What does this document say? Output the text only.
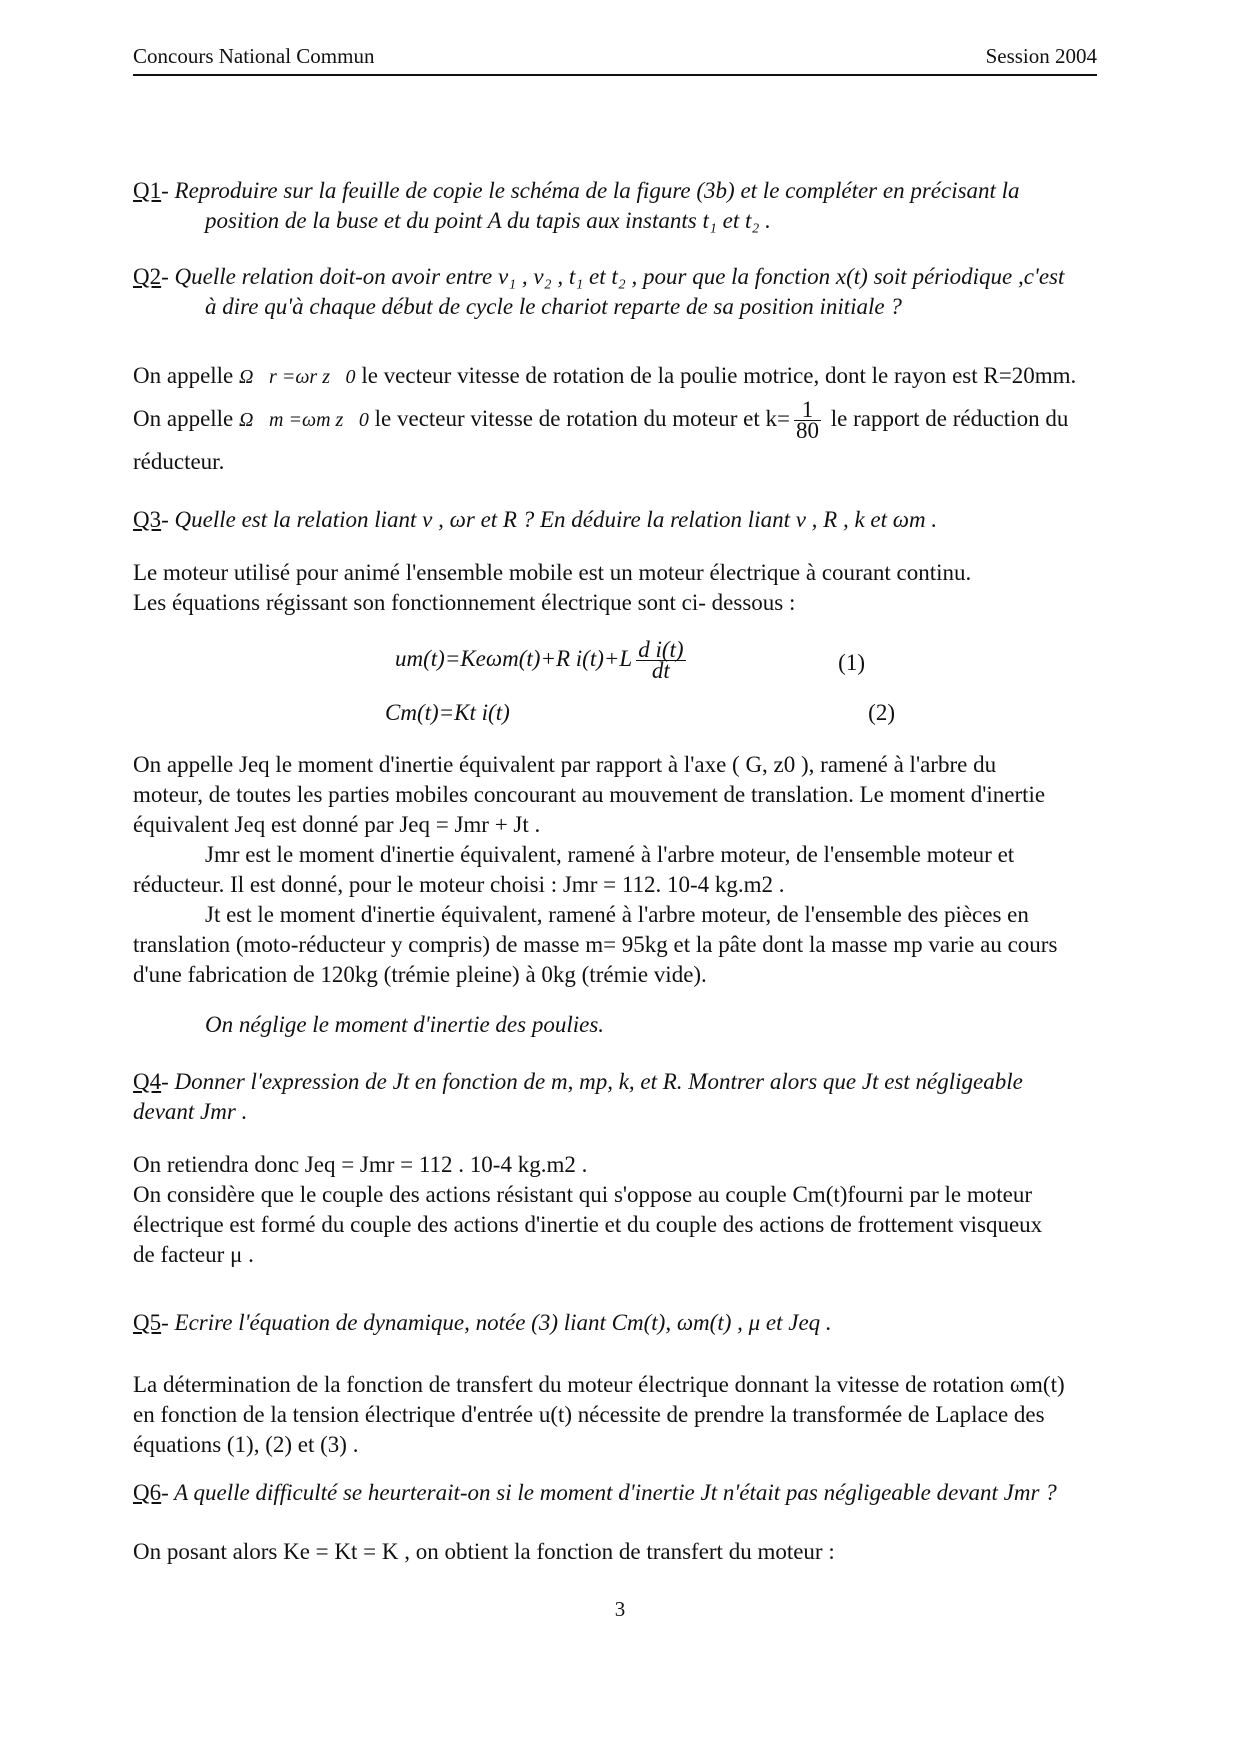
Concours National Commun	Session 2004
Q1- Reproduire sur la feuille de copie le schéma de la figure (3b) et le compléter en précisant la
position de la buse et du point A du tapis aux instants t₁ et t₂ .
Q2- Quelle relation doit-on avoir entre v₁ , v₂ , t₁ et t₂ , pour que la fonction x(t) soit périodique ,c'est
à dire qu'à chaque début de cycle le chariot reparte de sa position initiale ?
On appelle Ω⃗r =ωr z⃗0 le vecteur vitesse de rotation de la poulie motrice, dont le rayon est R=20mm.
On appelle Ω⃗m =ωm z⃗0 le vecteur vitesse de rotation du moteur et $k= \frac{1}{80}$ le rapport de réduction du
réducteur.
Q3- Quelle est la relation liant v , ωr et R ? En déduire la relation liant v , R , k et ωm .
Le moteur utilisé pour animé l'ensemble mobile est un moteur électrique à courant continu.
Les équations régissant son fonctionnement électrique sont ci- dessous :
um(t)=Keωm(t)+R $i(t)+L \frac{\text{d i(t)}}{dt}$	(1)
Cm(t)=Kt i(t)	(2)
On appelle Jeq le moment d'inertie équivalent par rapport à l'axe ( G, z0 ), ramené à l'arbre du
moteur, de toutes les parties mobiles concourant au mouvement de translation. Le moment d'inertie
équivalent Jeq est donné par Jeq = Jmr + Jt .
Jmr est le moment d'inertie équivalent, ramené à l'arbre moteur, de l'ensemble moteur et
réducteur. Il est donné, pour le moteur choisi : Jmr = 112. 10-4 kg.m2 .
Jt est le moment d'inertie équivalent, ramené à l'arbre moteur, de l'ensemble des pièces en
translation (moto-réducteur y compris) de masse m= 95kg et la pâte dont la masse mp varie au cours
d'une fabrication de 120kg (trémie pleine) à 0kg (trémie vide).
On néglige le moment d'inertie des poulies.
Q4- Donner l'expression de Jt en fonction de m, mp, k, et R. Montrer alors que Jt est négligeable
devant Jmr .
On retiendra donc Jeq = Jmr = 112 . 10-4 kg.m2 .
On considère que le couple des actions résistant qui s'oppose au couple Cm(t)fourni par le moteur
électrique est formé du couple des actions d'inertie et du couple des actions de frottement visqueux
de facteur μ .
Q5- Ecrire l'équation de dynamique, notée (3) liant Cm(t), ωm(t) , μ et Jeq .
La détermination de la fonction de transfert du moteur électrique donnant la vitesse de rotation ωm(t)
en fonction de la tension électrique d'entrée u(t) nécessite de prendre la transformée de Laplace des
équations (1), (2) et (3) .
Q6- A quelle difficulté se heurterait-on si le moment d'inertie Jt n'était pas négligeable devant Jmr ?
On posant alors Ke = Kt = K , on obtient la fonction de transfert du moteur :
3
